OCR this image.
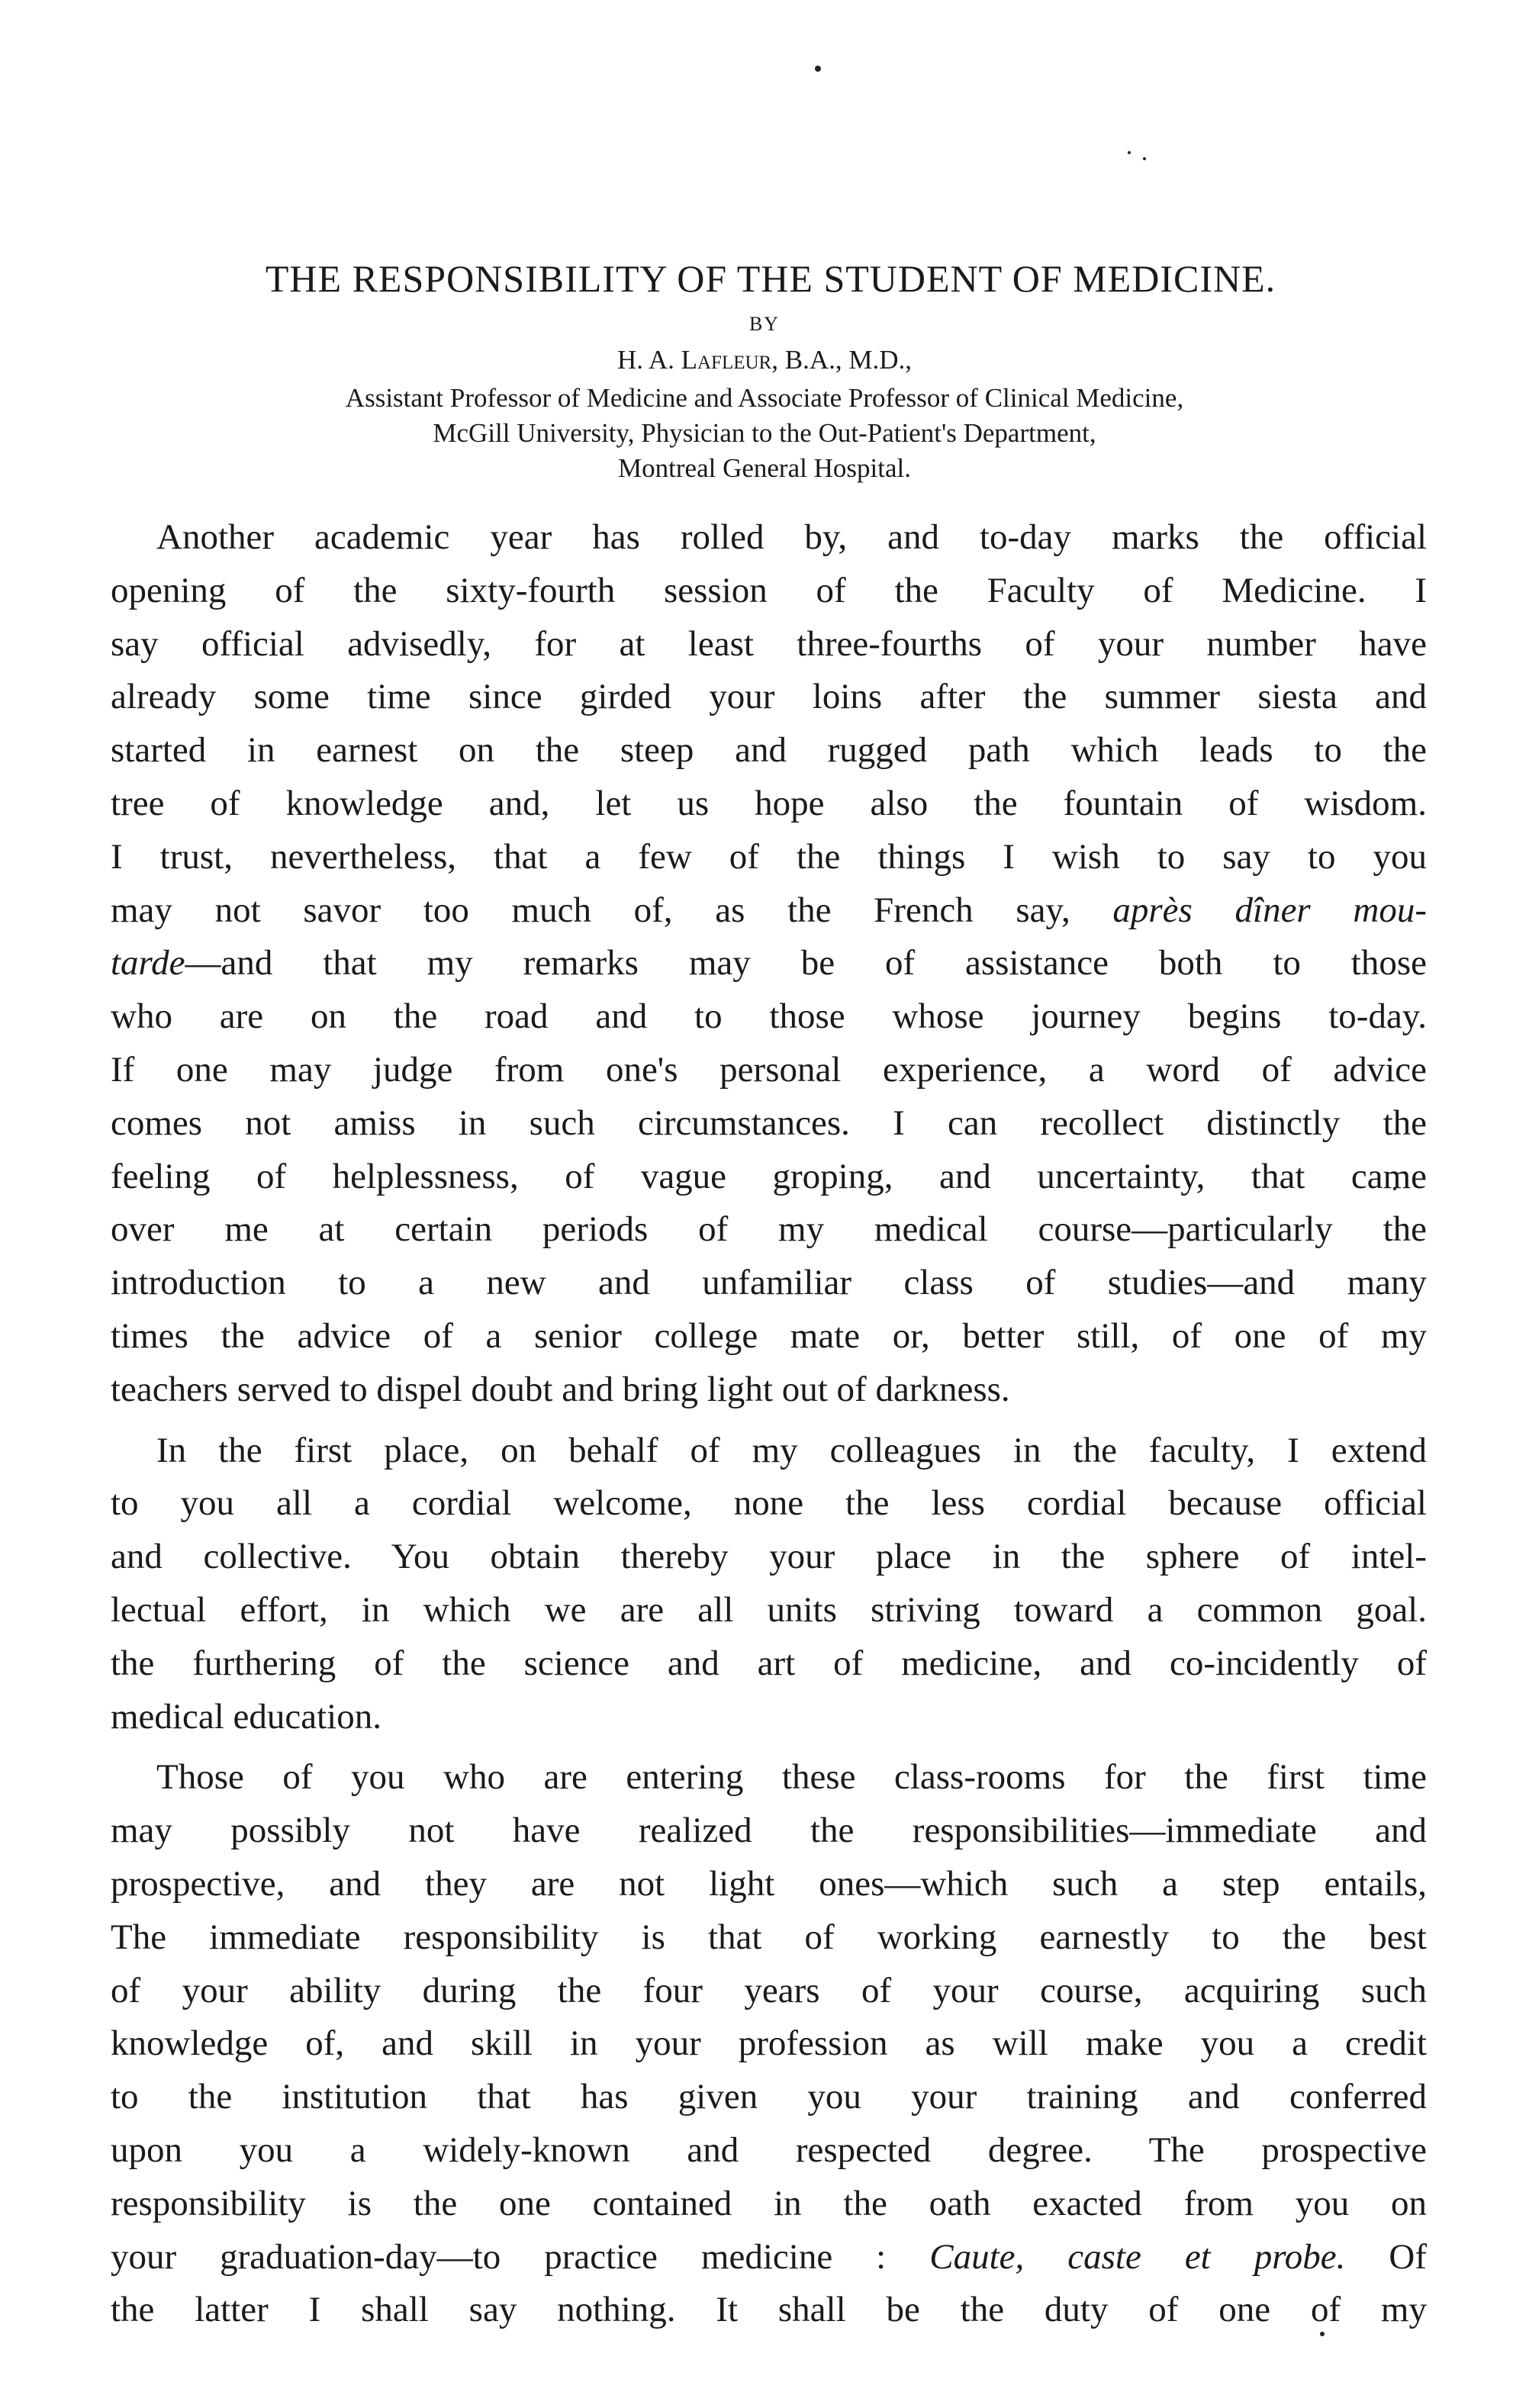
THE RESPONSIBILITY OF THE STUDENT OF MEDICINE.
BY
H. A. Lafleur, B.A., M.D.,
Assistant Professor of Medicine and Associate Professor of Clinical Medicine,
McGill University, Physician to the Out-Patient's Department,
Montreal General Hospital.
Another academic year has rolled by, and to-day marks the official
opening of the sixty-fourth session of the Faculty of Medicine. I
say official advisedly, for at least three-fourths of your number have
already some time since girded your loins after the summer siesta and
started in earnest on the steep and rugged path which leads to the
tree of knowledge and, let us hope also the fountain of wisdom.
I trust, nevertheless, that a few of the things I wish to say to you
may not savor too much of, as the French say, après dîner mou-
tarde—and that my remarks may be of assistance both to those
who are on the road and to those whose journey begins to-day.
If one may judge from one's personal experience, a word of advice
comes not amiss in such circumstances. I can recollect distinctly the
feeling of helplessness, of vague groping, and uncertainty, that came
over me at certain periods of my medical course—particularly the
introduction to a new and unfamiliar class of studies—and many
times the advice of a senior college mate or, better still, of one of my
teachers served to dispel doubt and bring light out of darkness.
In the first place, on behalf of my colleagues in the faculty, I extend
to you all a cordial welcome, none the less cordial because official
and collective. You obtain thereby your place in the sphere of intel-
lectual effort, in which we are all units striving toward a common goal.
the furthering of the science and art of medicine, and co-incidently of
medical education.
Those of you who are entering these class-rooms for the first time
may possibly not have realized the responsibilities—immediate and
prospective, and they are not light ones—which such a step entails,
The immediate responsibility is that of working earnestly to the best
of your ability during the four years of your course, acquiring such
knowledge of, and skill in your profession as will make you a credit
to the institution that has given you your training and conferred
upon you a widely-known and respected degree. The prospective
responsibility is the one contained in the oath exacted from you on
your graduation-day—to practice medicine : Caute, caste et probe. Of
the latter I shall say nothing. It shall be the duty of one of my
